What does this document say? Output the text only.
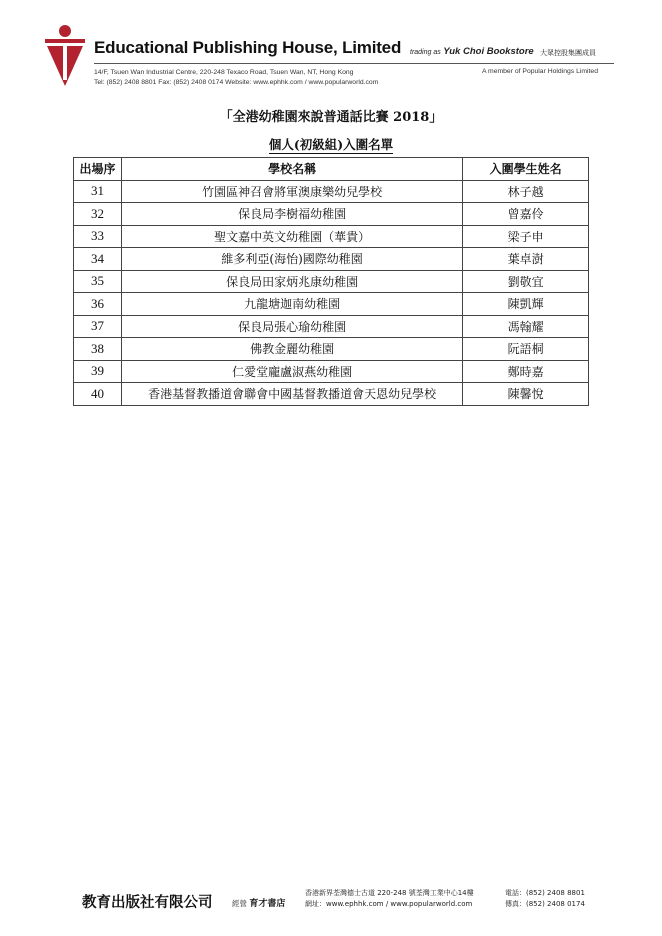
Educational Publishing House, Limited trading as Yuk Choi Bookstore 大眾控股集團成員
14/F, Tsuen Wan Industrial Centre, 220-248 Texaco Road, Tsuen Wan, NT, Hong Kong
Tel: (852) 2408 8801 Fax: (852) 2408 0174 Website: www.ephhk.com / www.popularworld.com
A member of Popular Holdings Limited
「全港幼稚園來說普通話比賽 2018」
個人(初級組)入圍名單
出場序	學校名稱	入圍學生姓名
31	竹園區神召會將軍澳康樂幼兒學校	林子越
32	保良局李樹福幼稚園	曾嘉伶
33	聖文嘉中英文幼稚園（華貴）	梁子申
34	維多利亞(海怡)國際幼稚園	葉卓澍
35	保良局田家炳兆康幼稚園	劉敬宜
36	九龍塘迦南幼稚園	陳凱輝
37	保良局張心瑜幼稚園	馮翰耀
38	佛教金麗幼稚園	阮語桐
39	仁愛堂龐盧淑燕幼稚園	鄭時嘉
40	香港基督教播道會聯會中國基督教播道會天恩幼兒學校	陳馨悅
教育出版社有限公司	經營 育才書店
香港新界荃灣德士古道 220-248 號荃灣工業中心14樓
網址：www.ephhk.com / www.popularworld.com
電話：(852) 2408 8801
傳真：(852) 2408 0174
